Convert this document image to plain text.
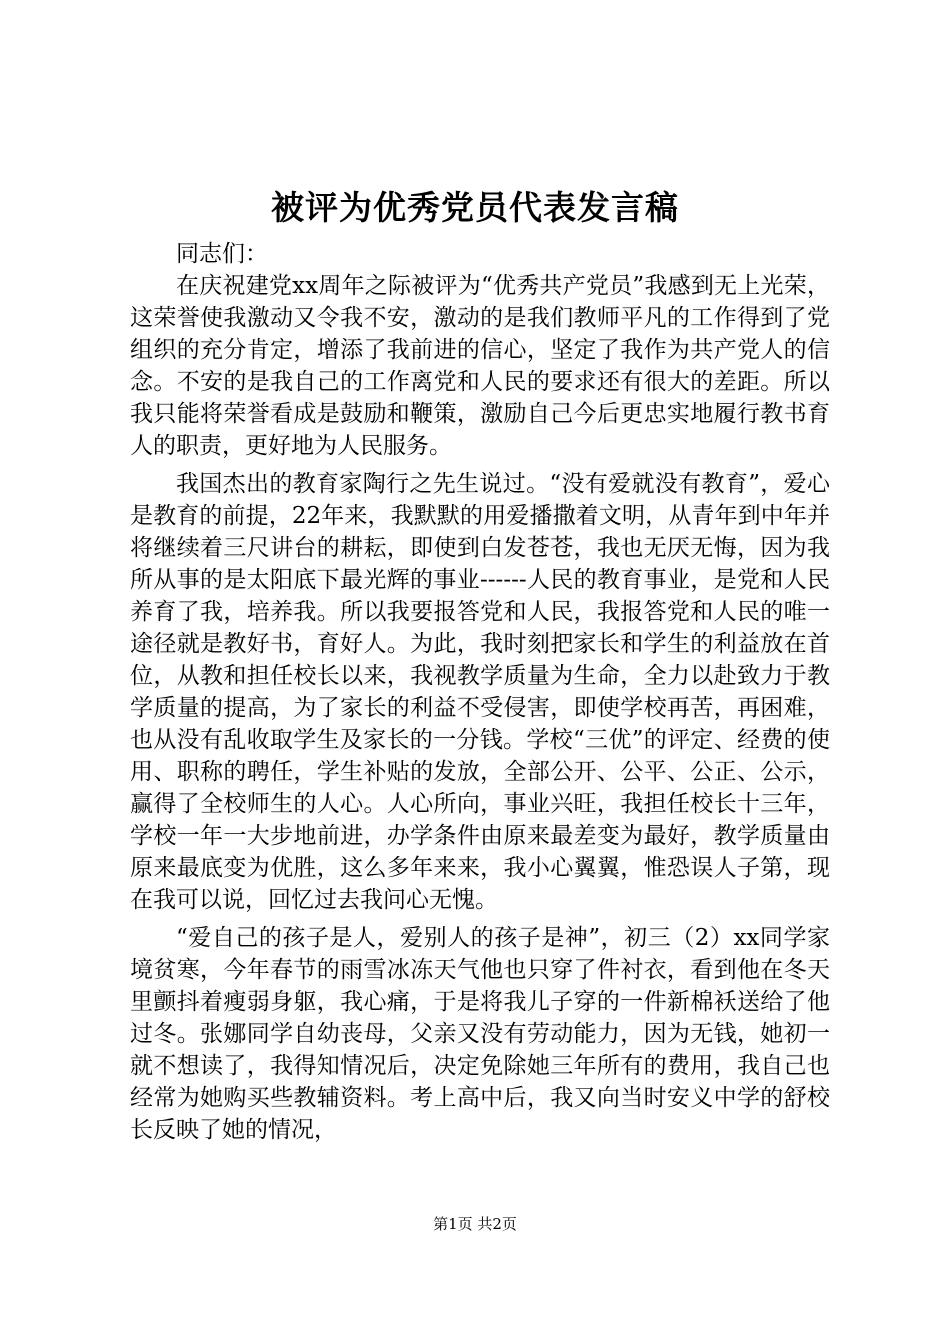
被评为优秀党员代表发言稿

同志们：

在庆祝建党xx周年之际被评为“优秀共产党员”我感到无上光荣，这荣誉使我激动又令我不安，激动的是我们教师平凡的工作得到了党组织的充分肯定，增添了我前进的信心，坚定了我作为共产党人的信念。不安的是我自己的工作离党和人民的要求还有很大的差距。所以我只能将荣誉看成是鼓励和鞭策，激励自己今后更忠实地履行教书育人的职责，更好地为人民服务。

我国杰出的教育家陶行之先生说过。“没有爱就没有教育”，爱心是教育的前提，22年来，我默默的用爱播撒着文明，从青年到中年并将继续着三尺讲台的耕耘，即使到白发苍苍，我也无厌无悔，因为我所从事的是太阳底下最光辉的事业------人民的教育事业，是党和人民养育了我，培养我。所以我要报答党和人民，我报答党和人民的唯一途径就是教好书，育好人。为此，我时刻把家长和学生的利益放在首位，从教和担任校长以来，我视教学质量为生命，全力以赴致力于教学质量的提高，为了家长的利益不受侵害，即使学校再苦，再困难，也从没有乱收取学生及家长的一分钱。学校“三优”的评定、经费的使用、职称的聘任，学生补贴的发放，全部公开、公平、公正、公示，赢得了全校师生的人心。人心所向，事业兴旺，我担任校长十三年，学校一年一大步地前进，办学条件由原来最差变为最好，教学质量由原来最底变为优胜，这么多年来来，我小心翼翼，惟恐误人子第，现在我可以说，回忆过去我问心无愧。

“爱自己的孩子是人，爱别人的孩子是神”，初三（2）xx同学家境贫寒，今年春节的雨雪冰冻天气他也只穿了件衬衣，看到他在冬天里颤抖着瘦弱身躯，我心痛，于是将我儿子穿的一件新棉袄送给了他过冬。张娜同学自幼丧母，父亲又没有劳动能力，因为无钱，她初一就不想读了，我得知情况后，决定免除她三年所有的费用，我自己也经常为她购买些教辅资料。考上高中后，我又向当时安义中学的舒校长反映了她的情况，

第1页 共2页
